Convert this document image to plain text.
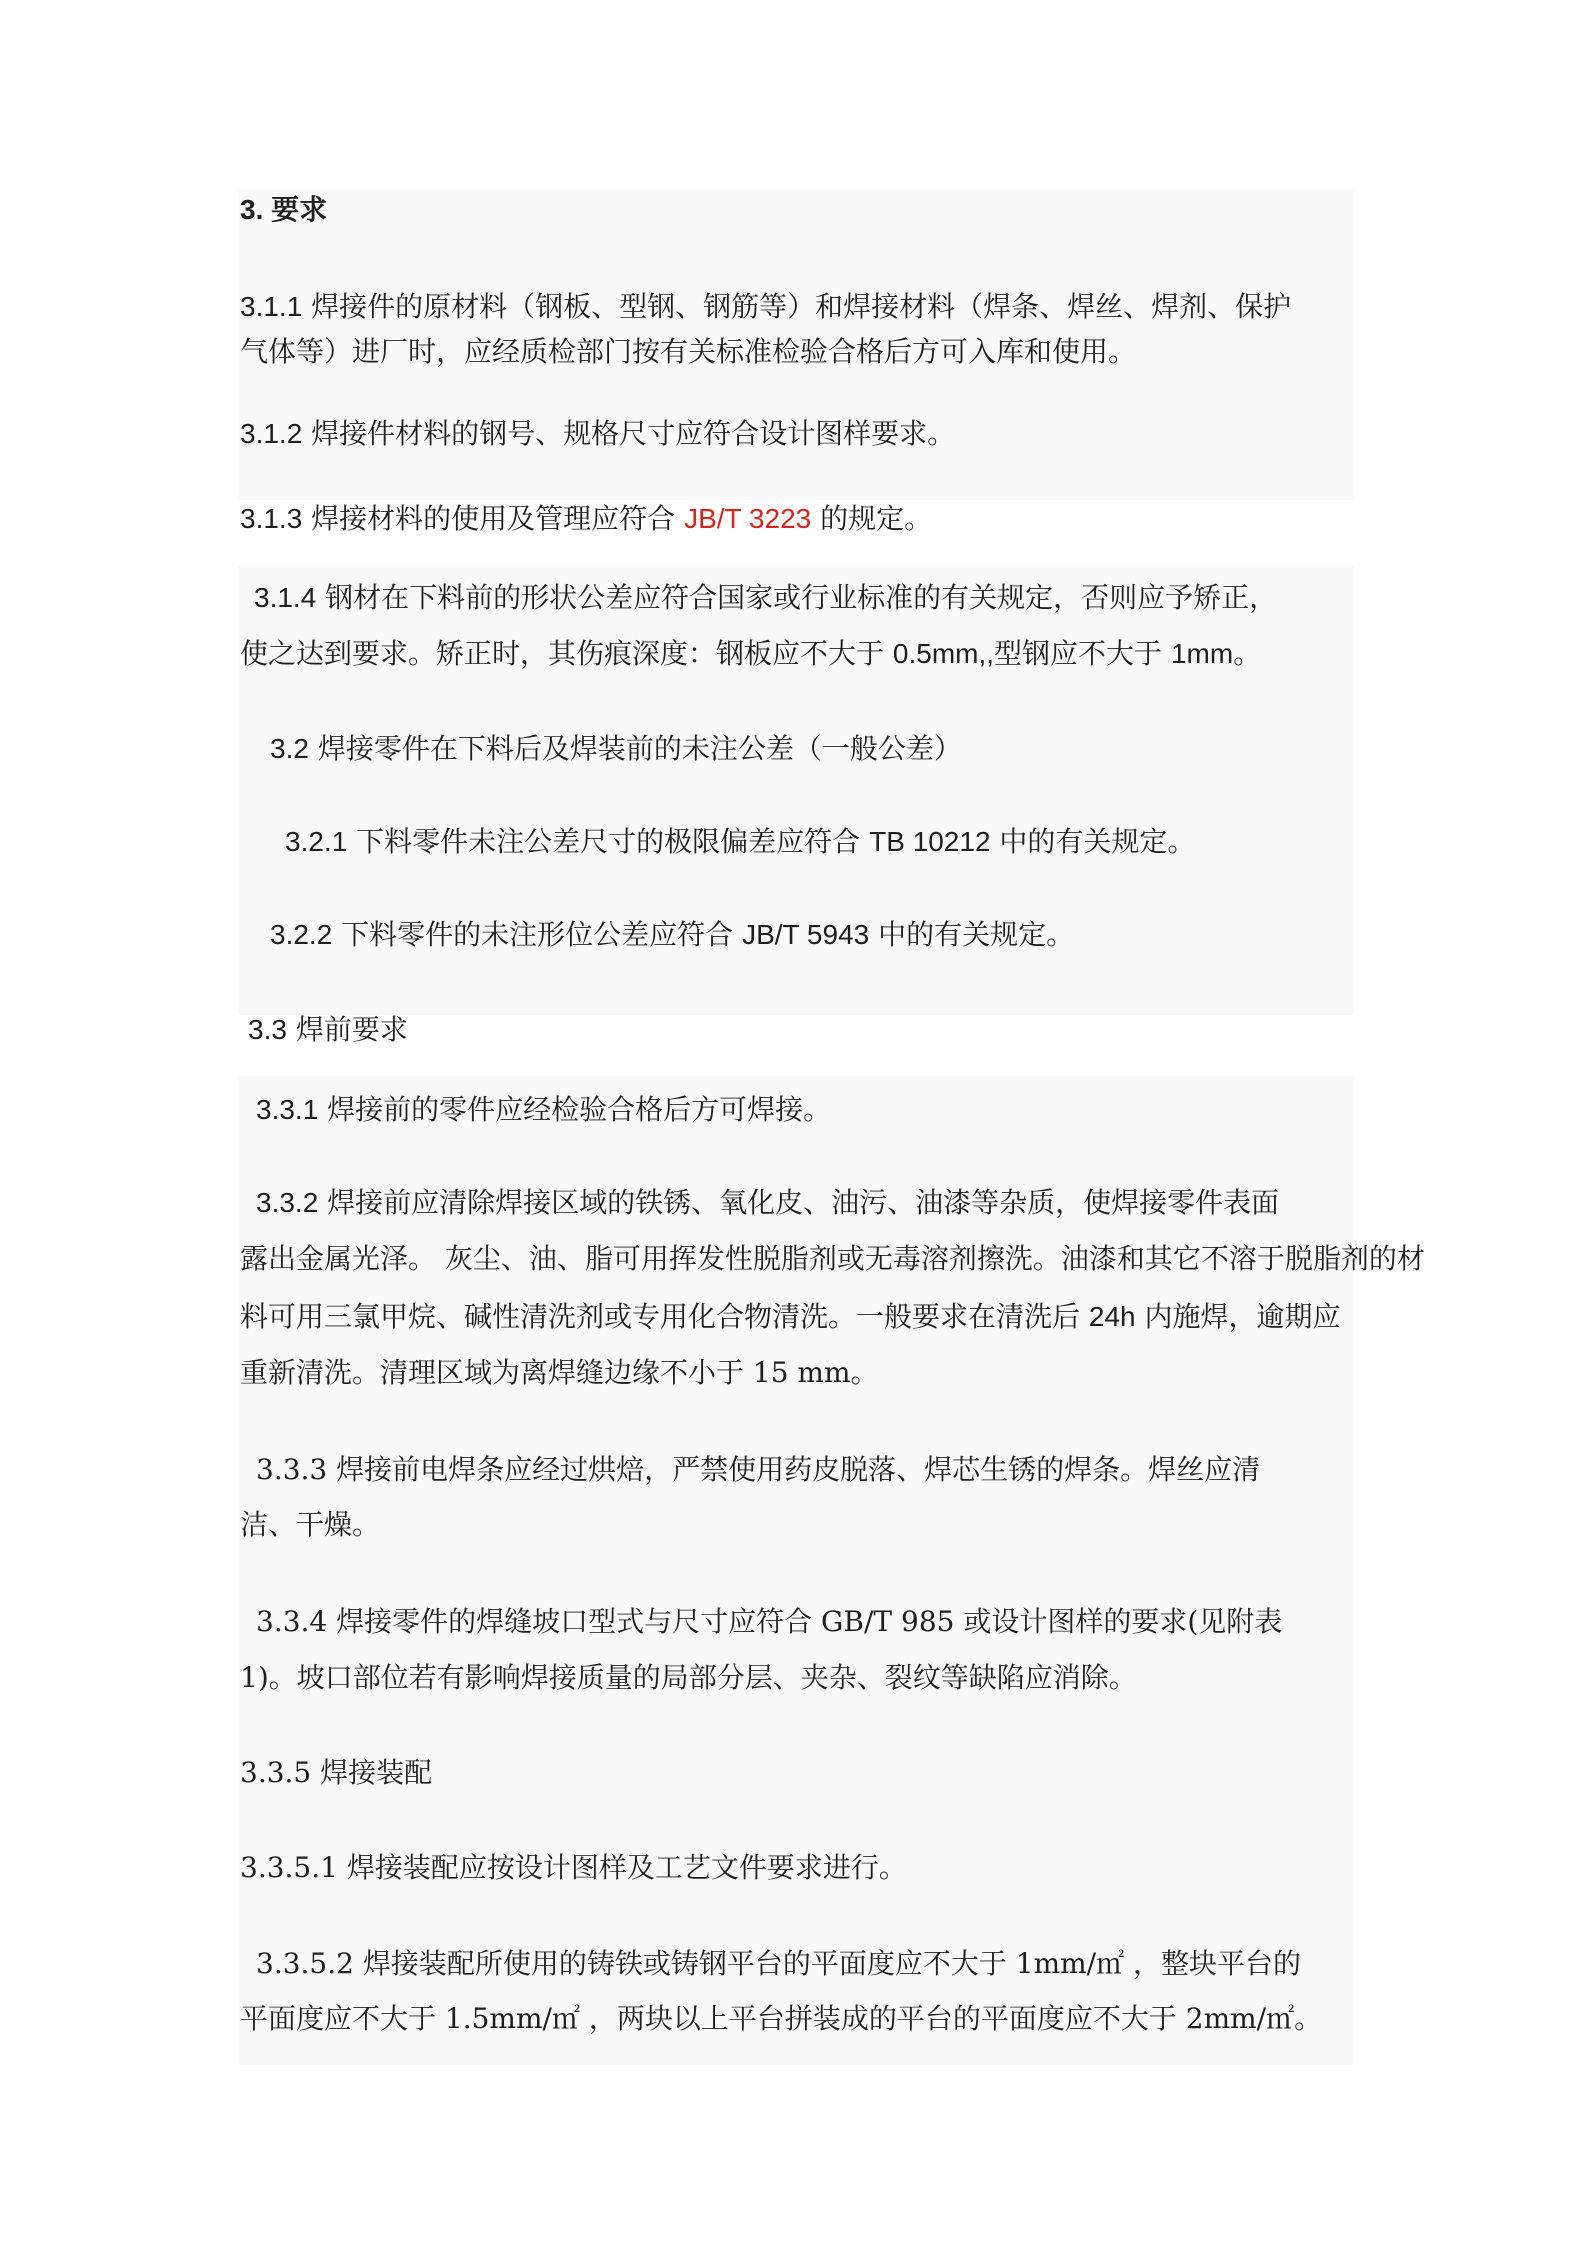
3. 要求
3.1.1 焊接件的原材料（钢板、型钢、钢筋等）和焊接材料（焊条、焊丝、焊剂、保护
气体等）进厂时，应经质检部门按有关标准检验合格后方可入库和使用。
3.1.2 焊接件材料的钢号、规格尺寸应符合设计图样要求。
3.1.3 焊接材料的使用及管理应符合 JB/T 3223 的规定。
3.1.4 钢材在下料前的形状公差应符合国家或行业标准的有关规定，否则应予矫正，
使之达到要求。矫正时，其伤痕深度：钢板应不大于 0.5mm,,型钢应不大于 1mm。
3.2 焊接零件在下料后及焊装前的未注公差（一般公差）
3.2.1 下料零件未注公差尺寸的极限偏差应符合 TB 10212 中的有关规定。
3.2.2 下料零件的未注形位公差应符合 JB/T 5943 中的有关规定。
3.3 焊前要求
3.3.1 焊接前的零件应经检验合格后方可焊接。
3.3.2 焊接前应清除焊接区域的铁锈、氧化皮、油污、油漆等杂质，使焊接零件表面
露出金属光泽。 灰尘、油、脂可用挥发性脱脂剂或无毒溶剂擦洗。油漆和其它不溶于脱脂剂的材
料可用三氯甲烷、碱性清洗剂或专用化合物清洗。一般要求在清洗后 24h 内施焊，逾期应
重新清洗。清理区域为离焊缝边缘不小于 15 mm。
3.3.3 焊接前电焊条应经过烘焙，严禁使用药皮脱落、焊芯生锈的焊条。焊丝应清
洁、干燥。
3.3.4 焊接零件的焊缝坡口型式与尺寸应符合 GB/T 985 或设计图样的要求(见附表
1)。坡口部位若有影响焊接质量的局部分层、夹杂、裂纹等缺陷应消除。
3.3.5 焊接装配
3.3.5.1 焊接装配应按设计图样及工艺文件要求进行。
3.3.5.2 焊接装配所使用的铸铁或铸钢平台的平面度应不大于 1mm/㎡ ，整块平台的
平面度应不大于 1.5mm/㎡ ，两块以上平台拼装成的平台的平面度应不大于 2mm/㎡。
